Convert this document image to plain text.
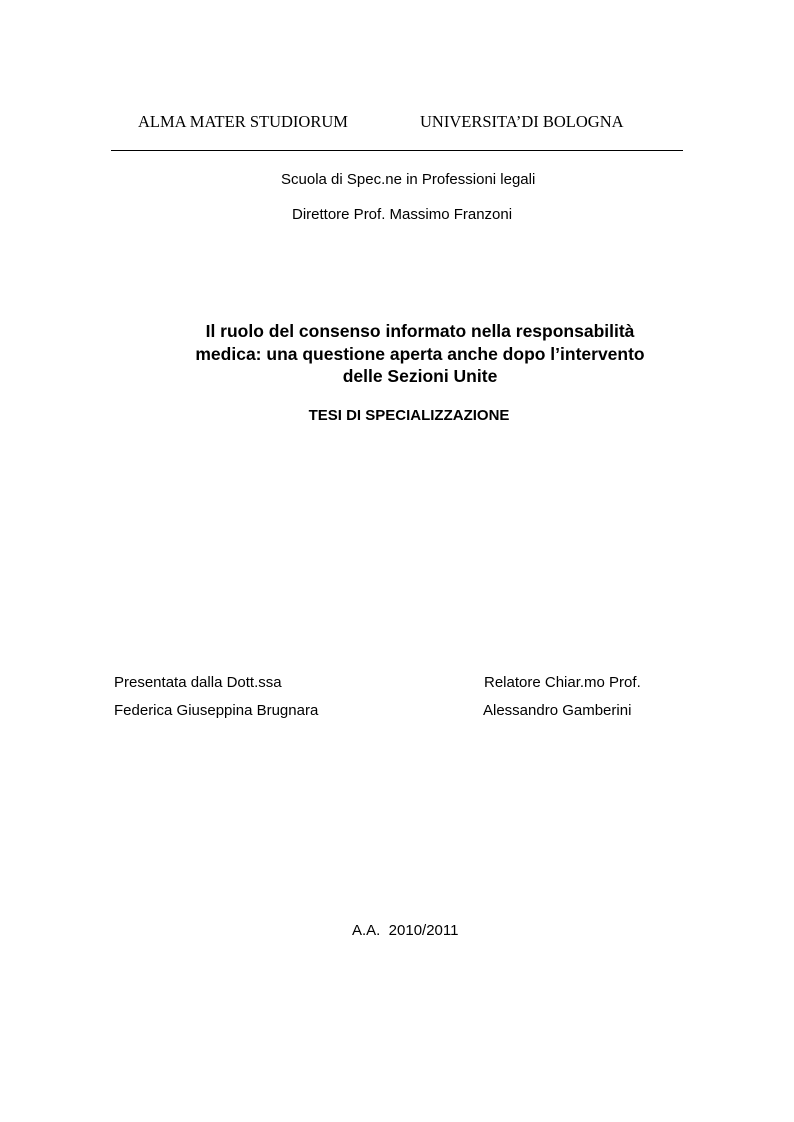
ALMA MATER STUDIORUM	UNIVERSITA’DI BOLOGNA
Scuola di Spec.ne in Professioni legali
Direttore Prof. Massimo Franzoni
Il ruolo del consenso informato nella responsabilità
medica: una questione aperta anche dopo l’intervento
delle Sezioni Unite
TESI DI SPECIALIZZAZIONE
Presentata dalla Dott.ssa
Federica Giuseppina Brugnara
Relatore Chiar.mo Prof.
Alessandro Gamberini
A.A.  2010/2011
